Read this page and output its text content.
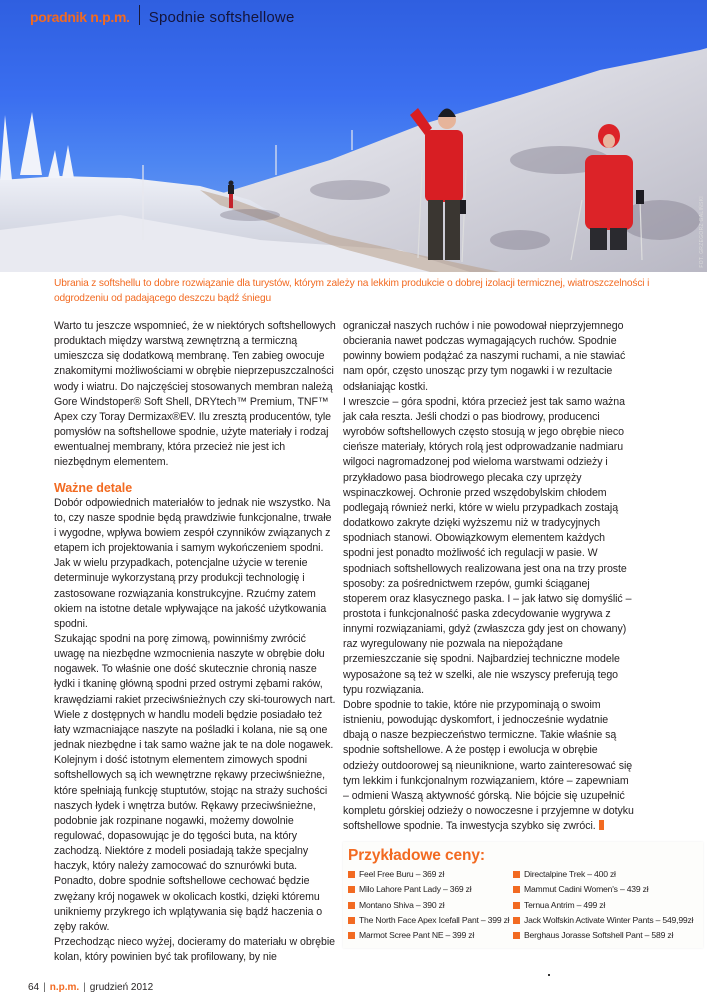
poradnik n.p.m. Spodnie softshellowe
FOT. GRZEGORZ GALIŃSKI
Ubrania z softshellu to dobre rozwiązanie dla turystów, którym zależy na lekkim produkcie o dobrej izolacji termicznej, wiatroszczelności i odgrodzeniu od padającego deszczu bądź śniegu

Warto tu jeszcze wspomnieć, że w niektórych softshellowych produktach między warstwą zewnętrzną a termiczną umieszcza się dodatkową membranę. Ten zabieg owocuje znakomitymi możliwościami w obrębie nieprzepuszczalności wody i wiatru. Do najczęściej stosowanych membran należą Gore Windstoper® Soft Shell, DRYtech™ Premium, TNF™ Apex czy Toray Dermizax®EV. Ilu zresztą producentów, tyle pomysłów na softshellowe spodnie, użyte materiały i rodzaj ewentualnej membrany, która przecież nie jest ich niezbędnym elementem.

Ważne detale

Dobór odpowiednich materiałów to jednak nie wszystko. Na to, czy nasze spodnie będą prawdziwie funkcjonalne, trwałe i wygodne, wpływa bowiem zespół czynników związanych z etapem ich projektowania i samym wykończeniem spodni. Jak w wielu przypadkach, potencjalne użycie w terenie determinuje wykorzystaną przy produkcji technologię i zastosowane rozwiązania konstrukcyjne. Rzućmy zatem okiem na istotne detale wpływające na jakość użytkowania spodni.

Szukając spodni na porę zimową, powinniśmy zwrócić uwagę na niezbędne wzmocnienia naszyte w obrębie dołu nogawek. To właśnie one dość skutecznie chronią nasze łydki i tkaninę główną spodni przed ostrymi zębami raków, krawędziami rakiet przeciwśnieżnych czy ski-tourowych nart. Wiele z dostępnych w handlu modeli będzie posiadało też łaty wzmacniające naszyte na pośladki i kolana, nie są one jednak niezbędne i tak samo ważne jak te na dole nogawek.

Kolejnym i dość istotnym elementem zimowych spodni softshellowych są ich wewnętrzne rękawy przeciwśnieżne, które spełniają funkcję stuptutów, stojąc na straży suchości naszych łydek i wnętrza butów. Rękawy przeciwśnieżne, podobnie jak rozpinane nogawki, możemy dowolnie regulować, dopasowując je do tęgości buta, na który zachodzą. Niektóre z modeli posiadają także specjalny haczyk, który należy zamocować do sznurówki buta. Ponadto, dobre spodnie softshellowe cechować będzie zwężany krój nogawek w okolicach kostki, dzięki któremu unikniemy przykrego ich wplątywania się bądź haczenia o zęby raków.

Przechodząc nieco wyżej, docieramy do materiału w obrębie kolan, który powinien być tak profilowany, by nie

ograniczał naszych ruchów i nie powodował nieprzyjemnego obcierania nawet podczas wymagających ruchów. Spodnie powinny bowiem podążać za naszymi ruchami, a nie stawiać nam opór, często unosząc przy tym nogawki i w rezultacie odsłaniając kostki.

I wreszcie – góra spodni, która przecież jest tak samo ważna jak cała reszta. Jeśli chodzi o pas biodrowy, producenci wyrobów softshellowych często stosują w jego obrębie nieco cieńsze materiały, których rolą jest odprowadzanie nadmiaru wilgoci nagromadzonej pod wieloma warstwami odzieży i przykładowo pasa biodrowego plecaka czy uprzęży wspinaczkowej. Ochronie przed wszędobylskim chłodem podlegają również nerki, które w wielu przypadkach zostają dodatkowo zakryte dzięki wyższemu niż w tradycyjnych spodniach stanowi. Obowiązkowym elementem każdych spodni jest ponadto możliwość ich regulacji w pasie. W spodniach softshellowych realizowana jest ona na trzy proste sposoby: za pośrednictwem rzepów, gumki ściąganej stoperem oraz klasycznego paska. I – jak łatwo się domyślić – prostota i funkcjonalność paska zdecydowanie wygrywa z innymi rozwiązaniami, gdyż (zwłaszcza gdy jest on chowany) raz wyregulowany nie pozwala na niepożądane przemieszczanie się spodni. Najbardziej techniczne modele wyposażone są też w szelki, ale nie wszyscy preferują tego typu rozwiązania.

Dobre spodnie to takie, które nie przypominają o swoim istnieniu, powodując dyskomfort, i jednocześnie wydatnie dbają o nasze bezpieczeństwo termiczne. Takie właśnie są spodnie softshellowe. A że postęp i ewolucja w obrębie odzieży outdoorowej są nieuniknione, warto zainteresować się tym lekkim i funkcjonalnym rozwiązaniem, które – zapewniam – odmieni Waszą aktywność górską. Nie bójcie się uzupełnić kompletu górskiej odzieży o nowoczesne i przyjemne w dotyku softshellowe spodnie. Ta inwestycja szybko się zwróci.

Przykładowe ceny:
Feel Free Buru – 369 zł
Milo Lahore Pant Lady – 369 zł
Montano Shiva – 390 zł
The North Face Apex Icefall Pant – 399 zł
Marmot Scree Pant NE – 399 zł
Directalpine Trek – 400 zł
Mammut Cadini Women's – 439 zł
Ternua Antrim – 499 zł
Jack Wolfskin Activate Winter Pants – 549,99zł
Berghaus Jorasse Softshell Pant – 589 zł
64 | n.p.m. | grudzień 2012
